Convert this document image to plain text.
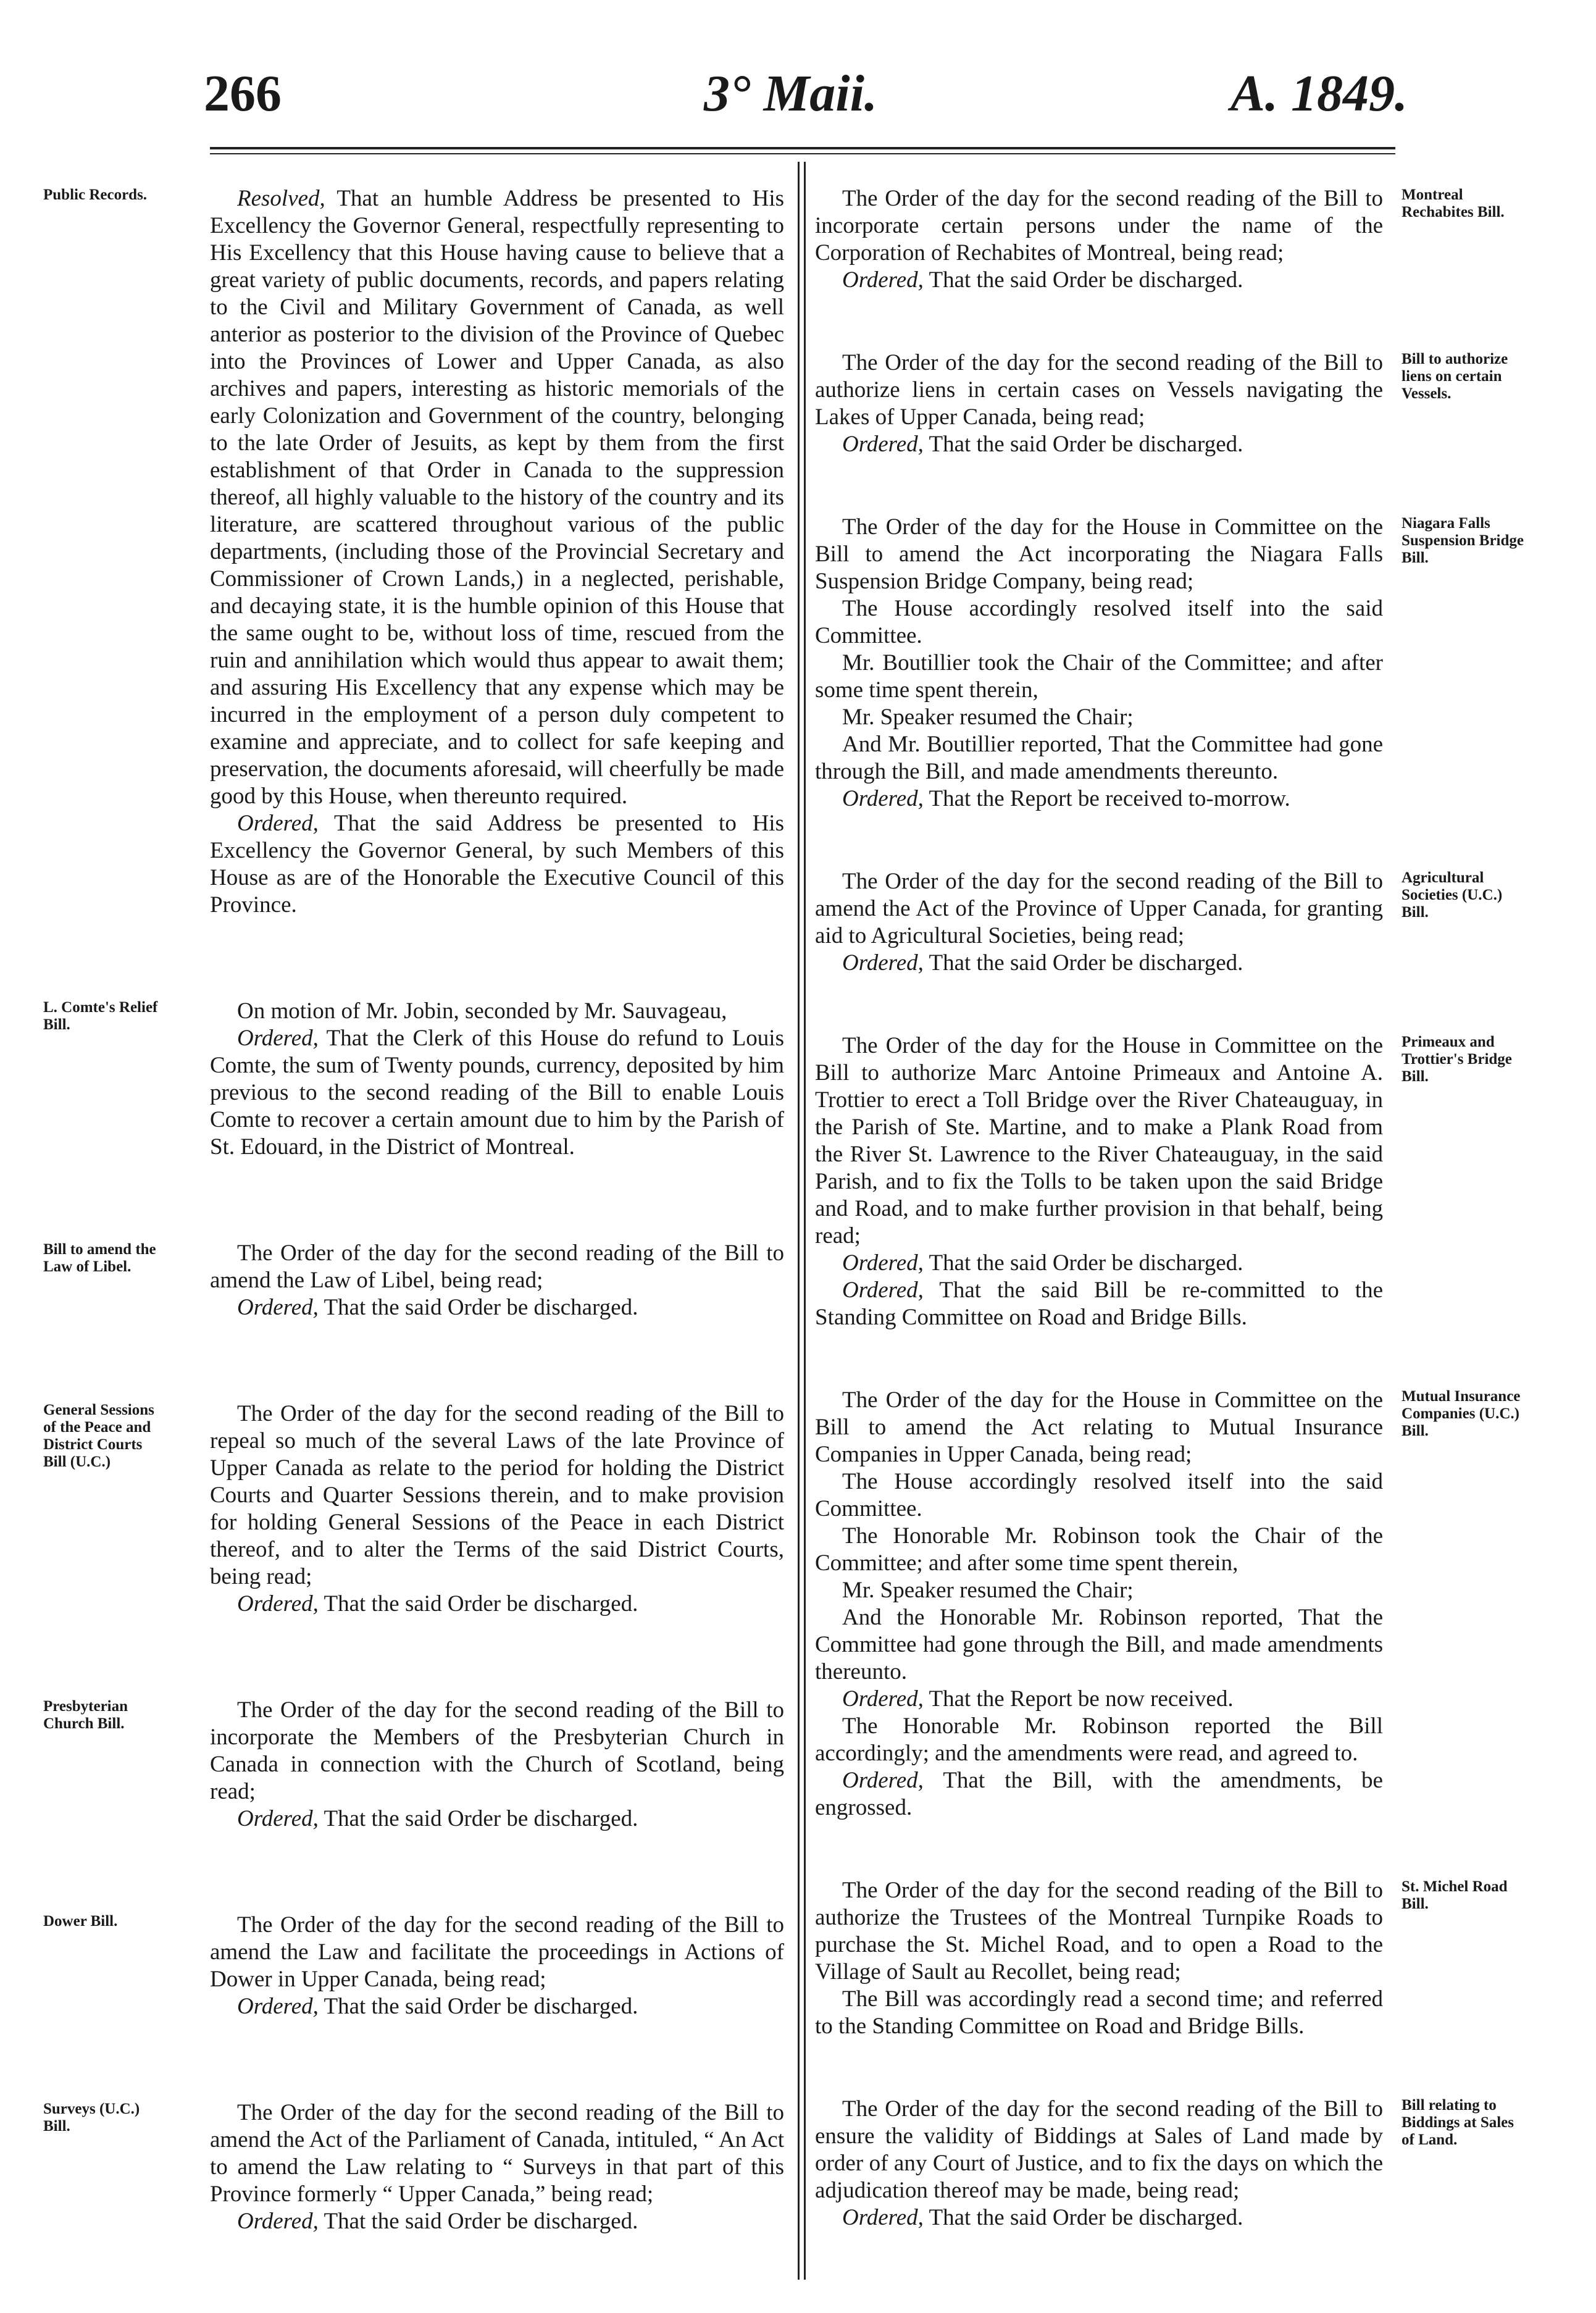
266	3° Maii.	A. 1849.
Public Records.	Resolved, That an humble Address be presented to His Excellency the Governor General, respectfully representing to His Excellency that this House having cause to believe that a great variety of public documents, records, and papers relating to the Civil and Military Government of Canada, as well anterior as posterior to the division of the Province of Quebec into the Provinces of Lower and Upper Canada, as also archives and papers, interesting as historic memorials of the early Colonization and Government of the country, belonging to the late Order of Jesuits, as kept by them from the first establishment of that Order in Canada to the suppression thereof, all highly valuable to the history of the country and its literature, are scattered throughout various of the public departments, (including those of the Provincial Secretary and Commissioner of Crown Lands,) in a neglected, perishable, and decaying state, it is the humble opinion of this House that the same ought to be, without loss of time, rescued from the ruin and annihilation which would thus appear to await them; and assuring His Excellency that any expense which may be incurred in the employment of a person duly competent to examine and appreciate, and to collect for safe keeping and preservation, the documents aforesaid, will cheerfully be made good by this House, when thereunto required.

Ordered, That the said Address be presented to His Excellency the Governor General, by such Members of this House as are of the Honorable the Executive Council of this Province.

L. Comte's Relief Bill.

On motion of Mr. Jobin, seconded by Mr. Sauvageau,

Ordered, That the Clerk of this House do refund to Louis Comte, the sum of Twenty pounds, currency, deposited by him previous to the second reading of the Bill to enable Louis Comte to recover a certain amount due to him by the Parish of St. Edouard, in the District of Montreal.

Bill to amend the Law of Libel.

The Order of the day for the second reading of the Bill to amend the Law of Libel, being read;

Ordered, That the said Order be discharged.

General Sessions of the Peace and District Courts Bill (U.C.)

The Order of the day for the second reading of the Bill to repeal so much of the several Laws of the late Province of Upper Canada as relate to the period for holding the District Courts and Quarter Sessions therein, and to make provision for holding General Sessions of the Peace in each District thereof, and to alter the Terms of the said District Courts, being read;

Ordered, That the said Order be discharged.

Presbyterian Church Bill.

The Order of the day for the second reading of the Bill to incorporate the Members of the Presbyterian Church in Canada in connection with the Church of Scotland, being read;

Ordered, That the said Order be discharged.

Dower Bill.	The Order of the day for the second reading of the Bill to amend the Law and facilitate the proceedings in Actions of Dower in Upper Canada, being read;

Ordered, That the said Order be discharged.

Surveys (U.C.) Bill.

The Order of the day for the second reading of the Bill to amend the Act of the Parliament of Canada, intituled, “ An Act to amend the Law relating to “ Surveys in that part of this Province formerly “ Upper Canada,” being read;

Ordered, That the said Order be discharged.

Montreal Rechabites Bill.

The Order of the day for the second reading of the Bill to incorporate certain persons under the name of the Corporation of Rechabites of Montreal, being read;

Ordered, That the said Order be discharged.

Bill to authorize liens on certain Vessels.

The Order of the day for the second reading of the Bill to authorize liens in certain cases on Vessels navigating the Lakes of Upper Canada, being read;

Ordered, That the said Order be discharged.

Niagara Falls Suspension Bridge Bill.

The Order of the day for the House in Committee on the Bill to amend the Act incorporating the Niagara Falls Suspension Bridge Company, being read;

The House accordingly resolved itself into the said Committee.

Mr. Boutillier took the Chair of the Committee; and after some time spent therein,

Mr. Speaker resumed the Chair;

And Mr. Boutillier reported, That the Committee had gone through the Bill, and made amendments thereunto.

Ordered, That the Report be received to-morrow.

Agricultural Societies (U.C.) Bill.

The Order of the day for the second reading of the Bill to amend the Act of the Province of Upper Canada, for granting aid to Agricultural Societies, being read;

Ordered, That the said Order be discharged.

Primeaux and Trottier's Bridge Bill.

The Order of the day for the House in Committee on the Bill to authorize Marc Antoine Primeaux and Antoine A. Trottier to erect a Toll Bridge over the River Chateauguay, in the Parish of Ste. Martine, and to make a Plank Road from the River St. Lawrence to the River Chateauguay, in the said Parish, and to fix the Tolls to be taken upon the said Bridge and Road, and to make further provision in that behalf, being read;

Ordered, That the said Order be discharged.

Ordered, That the said Bill be re-committed to the Standing Committee on Road and Bridge Bills.

Mutual Insurance Companies (U.C.) Bill.

The Order of the day for the House in Committee on the Bill to amend the Act relating to Mutual Insurance Companies in Upper Canada, being read;

The House accordingly resolved itself into the said Committee.

The Honorable Mr. Robinson took the Chair of the Committee; and after some time spent therein,

Mr. Speaker resumed the Chair;

And the Honorable Mr. Robinson reported, That the Committee had gone through the Bill, and made amendments thereunto.

Ordered, That the Report be now received.

The Honorable Mr. Robinson reported the Bill accordingly; and the amendments were read, and agreed to.

Ordered, That the Bill, with the amendments, be engrossed.

St. Michel Road Bill.

The Order of the day for the second reading of the Bill to authorize the Trustees of the Montreal Turnpike Roads to purchase the St. Michel Road, and to open a Road to the Village of Sault au Recollet, being read;

The Bill was accordingly read a second time; and referred to the Standing Committee on Road and Bridge Bills.

Bill relating to Biddings at Sales of Land.

The Order of the day for the second reading of the Bill to ensure the validity of Biddings at Sales of Land made by order of any Court of Justice, and to fix the days on which the adjudication thereof may be made, being read;

Ordered, That the said Order be discharged.
